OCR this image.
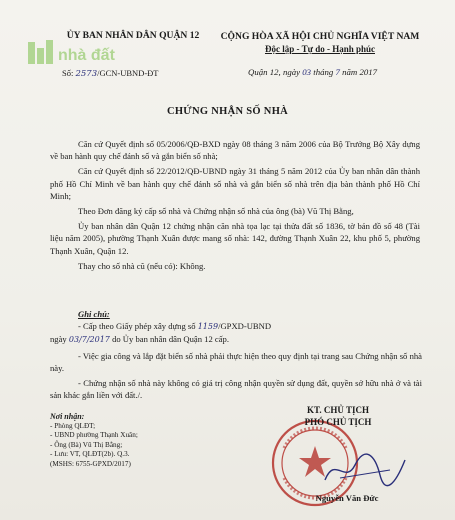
nhà đất
ỦY BAN NHÂN DÂN QUẬN 12	CỘNG HÒA XÃ HỘI CHỦ NGHĨA VIỆT NAM
Độc lập - Tự do - Hạnh phúc
Số: 2573/GCN-UBND-ĐT	Quận 12, ngày 03 tháng 7 năm 2017
CHỨNG NHẬN SỐ NHÀ

Căn cứ Quyết định số 05/2006/QĐ-BXD ngày 08 tháng 3 năm 2006 của Bộ Trưởng Bộ Xây dựng về ban hành quy chế đánh số và gắn biển số nhà;

Căn cứ Quyết định số 22/2012/QĐ-UBND ngày 31 tháng 5 năm 2012 của Ủy ban nhân dân thành phố Hồ Chí Minh về ban hành quy chế đánh số nhà và gắn biển số nhà trên địa bàn thành phố Hồ Chí Minh;

Theo Đơn đăng ký cấp số nhà và Chứng nhận số nhà của ông (bà) Vũ Thị Bằng,

Ủy ban nhân dân Quận 12 chứng nhận căn nhà tọa lạc tại thửa đất số 1836, tờ bản đồ số 48 (Tài liệu năm 2005), phường Thạnh Xuân được mang số nhà: 142, đường Thạnh Xuân 22, khu phố 5, phường Thạnh Xuân, Quận 12.

Thay cho số nhà cũ (nếu có): Không.

Ghi chú:

- Cấp theo Giấy phép xây dựng số 1159/GPXD-UBND
ngày 03/7/2017 do Ủy ban nhân dân Quận 12 cấp.

- Việc gia công và lắp đặt biển số nhà phải thực hiện theo quy định tại trang sau Chứng nhận số nhà này.

- Chứng nhận số nhà này không có giá trị công nhận quyền sử dụng đất, quyền sở hữu nhà ở và tài sản khác gắn liền với đất./.

Nơi nhận:
- Phòng QLĐT;
- UBND phường Thạnh Xuân;
- Ông (Bà) Vũ Thị Bằng;
- Lưu: VT, QLĐT(2b). Q.3.
(MSHS: 6755-GPXD/2017)
KT. CHỦ TỊCH
PHÓ CHỦ TỊCH
Nguyễn Văn Đức
